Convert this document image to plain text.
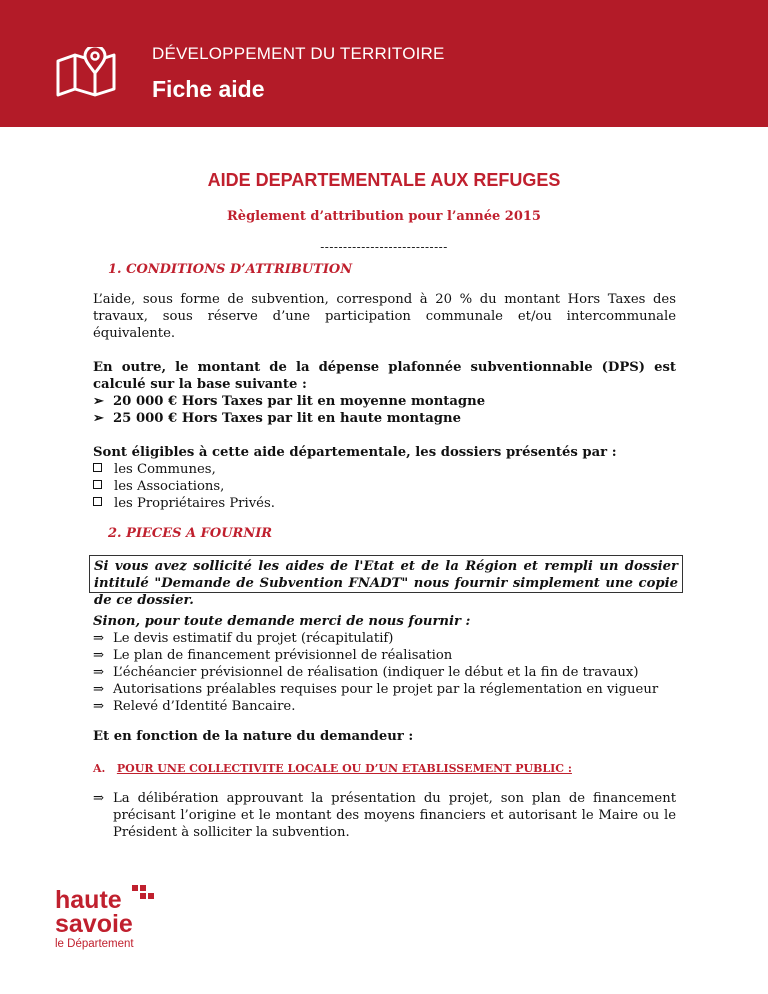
DÉVELOPPEMENT DU TERRITOIRE
Fiche aide
AIDE DEPARTEMENTALE AUX REFUGES
Règlement d’attribution pour l’année 2015
----------------------------
1. CONDITIONS D’ATTRIBUTION

L’aide, sous forme de subvention, correspond à 20 % du montant Hors Taxes des travaux, sous réserve d’une participation communale et/ou intercommunale équivalente.

En outre, le montant de la dépense plafonnée subventionnable (DPS) est calculé sur la base suivante :

➢ 20 000 € Hors Taxes par lit en moyenne montagne
➢ 25 000 € Hors Taxes par lit en haute montagne

Sont éligibles à cette aide départementale, les dossiers présentés par :

les Communes,
les Associations,
les Propriétaires Privés.
2. PIECES A FOURNIR
Si vous avez sollicité les aides de l'Etat et de la Région et rempli un dossier intitulé "Demande de Subvention FNADT" nous fournir simplement une copie de ce dossier.

Sinon, pour toute demande merci de nous fournir :

⇒ Le devis estimatif du projet (récapitulatif)
⇒ Le plan de financement prévisionnel de réalisation
⇒ L’échéancier prévisionnel de réalisation (indiquer le début et la fin de travaux)
⇒ Autorisations préalables requises pour le projet par la réglementation en vigueur
⇒ Relevé d’Identité Bancaire.

Et en fonction de la nature du demandeur :

A. POUR UNE COLLECTIVITE LOCALE OU D’UN ETABLISSEMENT PUBLIC :
⇒ La délibération approuvant la présentation du projet, son plan de financement précisant l’origine et le montant des moyens financiers et autorisant le Maire ou le Président à solliciter la subvention.

haute
savoie
le Département
